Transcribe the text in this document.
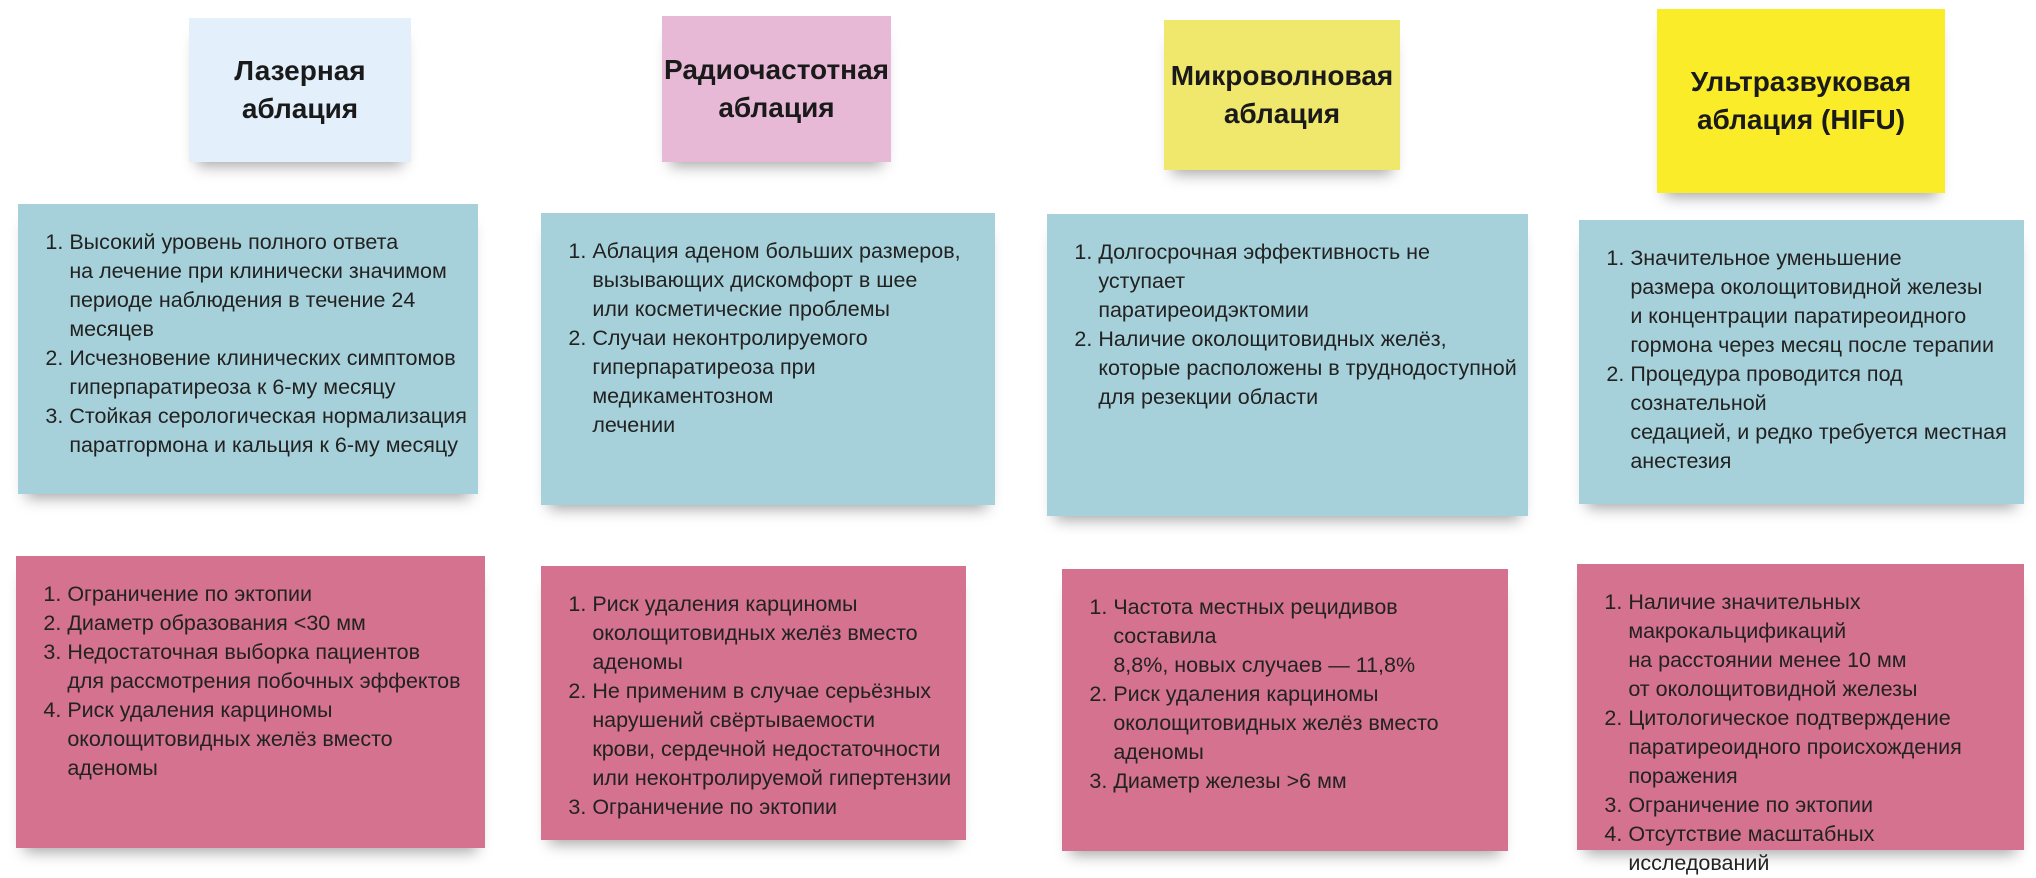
Лазерная
аблация
1. Высокий уровень полного ответа
на лечение при клинически значимом
периоде наблюдения в течение 24 месяцев
2. Исчезновение клинических симптомов
гиперпаратиреоза к 6-му месяцу
3. Стойкая серологическая нормализация
паратгормона и кальция к 6-му месяцу
1. Ограничение по эктопии
2. Диаметр образования <30 мм
3. Недостаточная выборка пациентов
для рассмотрения побочных эффектов
4. Риск удаления карциномы
околощитовидных желёз вместо аденомы
Радиочастотная
аблация
1. Аблация аденом больших размеров,
вызывающих дискомфорт в шее
или косметические проблемы
2. Случаи неконтролируемого
гиперпаратиреоза при медикаментозном
лечении
1. Риск удаления карциномы
околощитовидных желёз вместо
аденомы
2. Не применим в случае серьёзных
нарушений свёртываемости
крови, сердечной недостаточности
или неконтролируемой гипертензии
3. Ограничение по эктопии
Микроволновая
аблация
1. Долгосрочная эффективность не уступает
паратиреоидэктомии
2. Наличие околощитовидных желёз,
которые расположены в труднодоступной
для резекции области
1. Частота местных рецидивов составила
8,8%, новых случаев — 11,8%
2. Риск удаления карциномы
околощитовидных желёз вместо
аденомы
3. Диаметр железы >6 мм
Ультразвуковая
аблация (HIFU)
1. Значительное уменьшение
размера околощитовидной железы
и концентрации паратиреоидного
гормона через месяц после терапии
2. Процедура проводится под сознательной
седацией, и редко требуется местная
анестезия
1. Наличие значительных
макрокальцификаций
на расстоянии менее 10 мм
от околощитовидной железы
2. Цитологическое подтверждение
паратиреоидного происхождения
поражения
3. Ограничение по эктопии
4. Отсутствие масштабных исследований
